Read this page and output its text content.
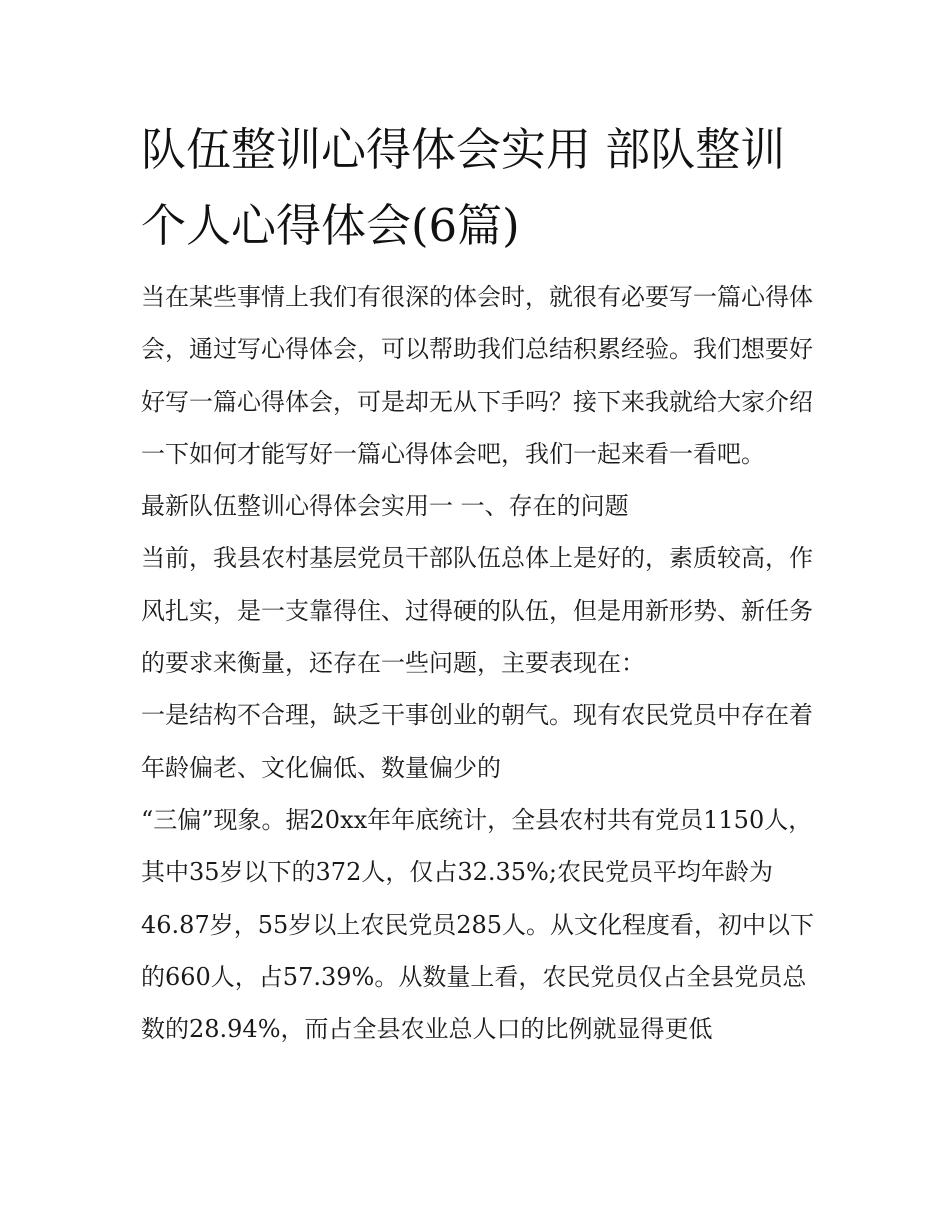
队伍整训心得体会实用 部队整训个人心得体会(6篇)

当在某些事情上我们有很深的体会时，就很有必要写一篇心得体会，通过写心得体会，可以帮助我们总结积累经验。我们想要好好写一篇心得体会，可是却无从下手吗？接下来我就给大家介绍一下如何才能写好一篇心得体会吧，我们一起来看一看吧。

最新队伍整训心得体会实用一 一、存在的问题

当前，我县农村基层党员干部队伍总体上是好的，素质较高，作风扎实，是一支靠得住、过得硬的队伍，但是用新形势、新任务的要求来衡量，还存在一些问题，主要表现在：

一是结构不合理，缺乏干事创业的朝气。现有农民党员中存在着年龄偏老、文化偏低、数量偏少的

“三偏”现象。据20xx年年底统计，全县农村共有党员1150人，其中35岁以下的372人，仅占32.35%;农民党员平均年龄为46.87岁，55岁以上农民党员285人。从文化程度看，初中以下的660人，占57.39%。从数量上看，农民党员仅占全县党员总数的28.94%，而占全县农业总人口的比例就显得更低
